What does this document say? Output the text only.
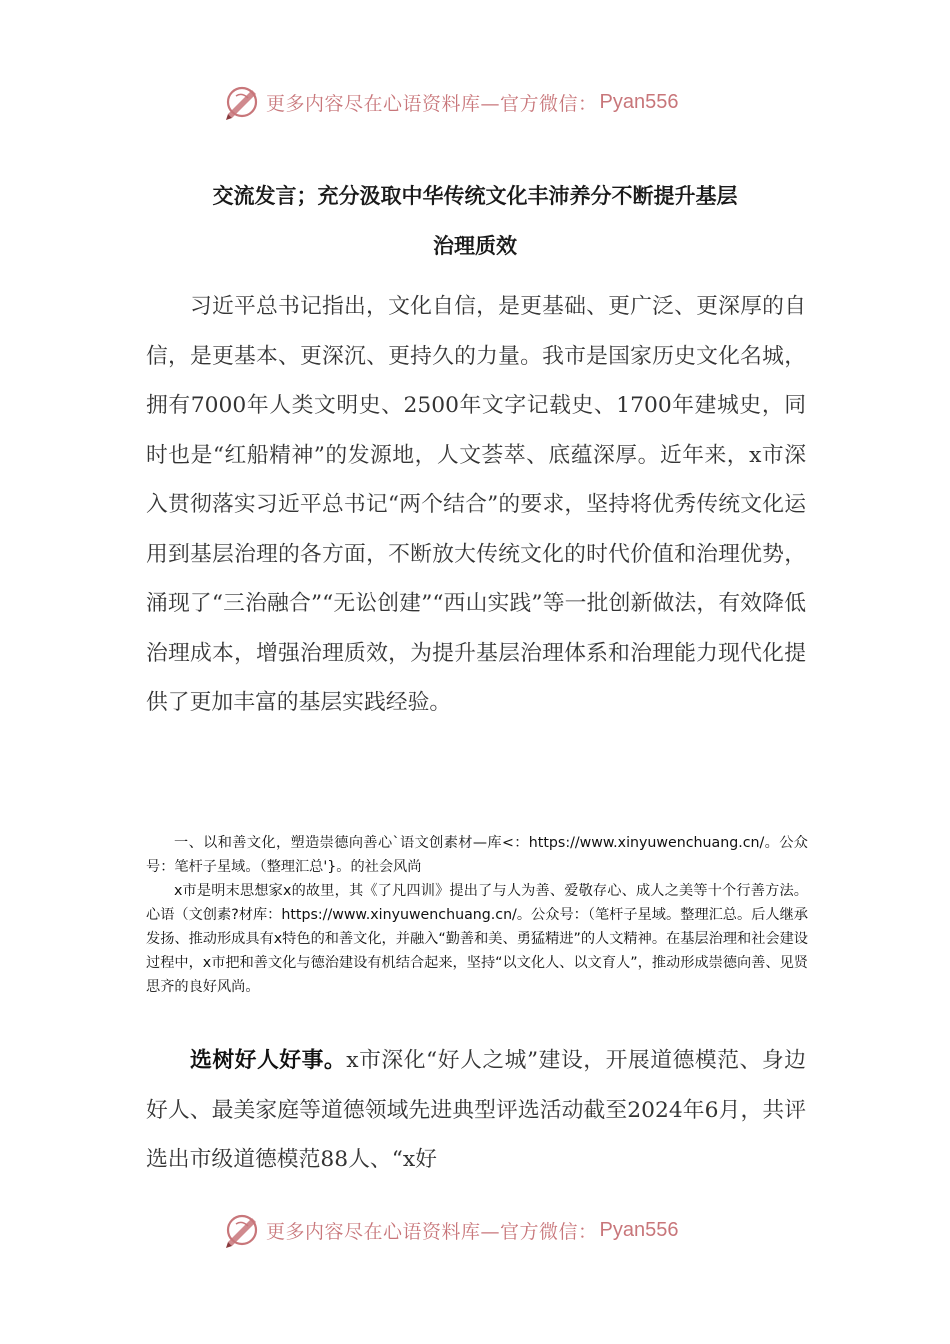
更多内容尽在心语资料库—官方微信： Pyan556
交流发言；充分汲取中华传统文化丰沛养分不断提升基层
治理质效

习近平总书记指出，文化自信，是更基础、更广泛、更深厚的自信，是更基本、更深沉、更持久的力量。我市是国家历史文化名城，拥有7000年人类文明史、2500年文字记载史、1700年建城史，同时也是“红船精神”的发源地，人文荟萃、底蕴深厚。近年来，x市深入贯彻落实习近平总书记“两个结合”的要求，坚持将优秀传统文化运用到基层治理的各方面，不断放大传统文化的时代价值和治理优势，涌现了“三治融合”“无讼创建”“西山实践”等一批创新做法，有效降低治理成本，增强治理质效，为提升基层治理体系和治理能力现代化提供了更加丰富的基层实践经验。

一、以和善文化，塑造崇德向善心`语文创素材—库<：https://www.xinyuwenchuang.cn/。公众号：笔杆子星域。（整理汇总'}。的社会风尚

x市是明末思想家x的故里，其《了凡四训》提出了与人为善、爱敬存心、成人之美等十个行善方法。心语（文创素?材库：https://www.xinyuwenchuang.cn/。公众号：（笔杆子星域。整理汇总。后人继承发扬、推动形成具有x特色的和善文化，并融入“勤善和美、勇猛精进”的人文精神。在基层治理和社会建设过程中，x市把和善文化与德治建设有机结合起来，坚持“以文化人、以文育人”，推动形成崇德向善、见贤思齐的良好风尚。

选树好人好事。x市深化“好人之城”建设，开展道德模范、身边好人、最美家庭等道德领域先进典型评选活动截至2024年6月，共评选出市级道德模范88人、“x好

更多内容尽在心语资料库—官方微信： Pyan556
